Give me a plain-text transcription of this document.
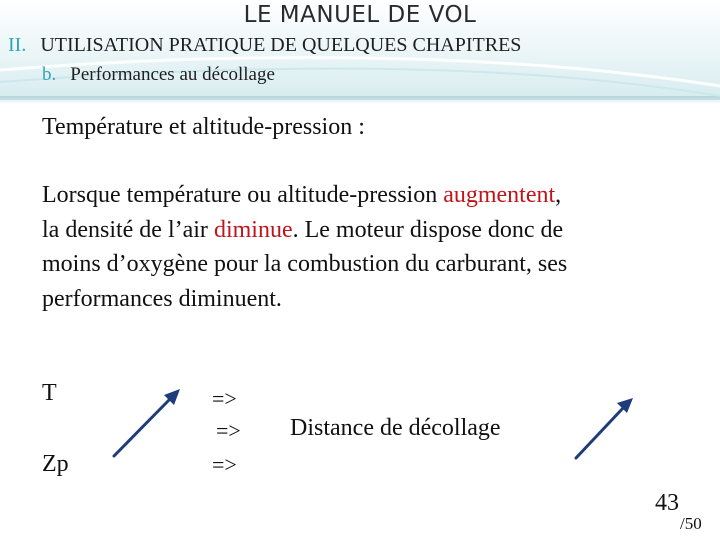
LE MANUEL DE VOL
II. UTILISATION PRATIQUE DE QUELQUES CHAPITRES
b. Performances au décollage
Température et altitude-pression :
Lorsque température ou altitude-pression augmentent,
la densité de l’air diminue. Le moteur dispose donc de
moins d’oxygène pour la combustion du carburant, ses
performances diminuent.
T
Zp
=>
=>
=>
Distance de décollage
43
/50
